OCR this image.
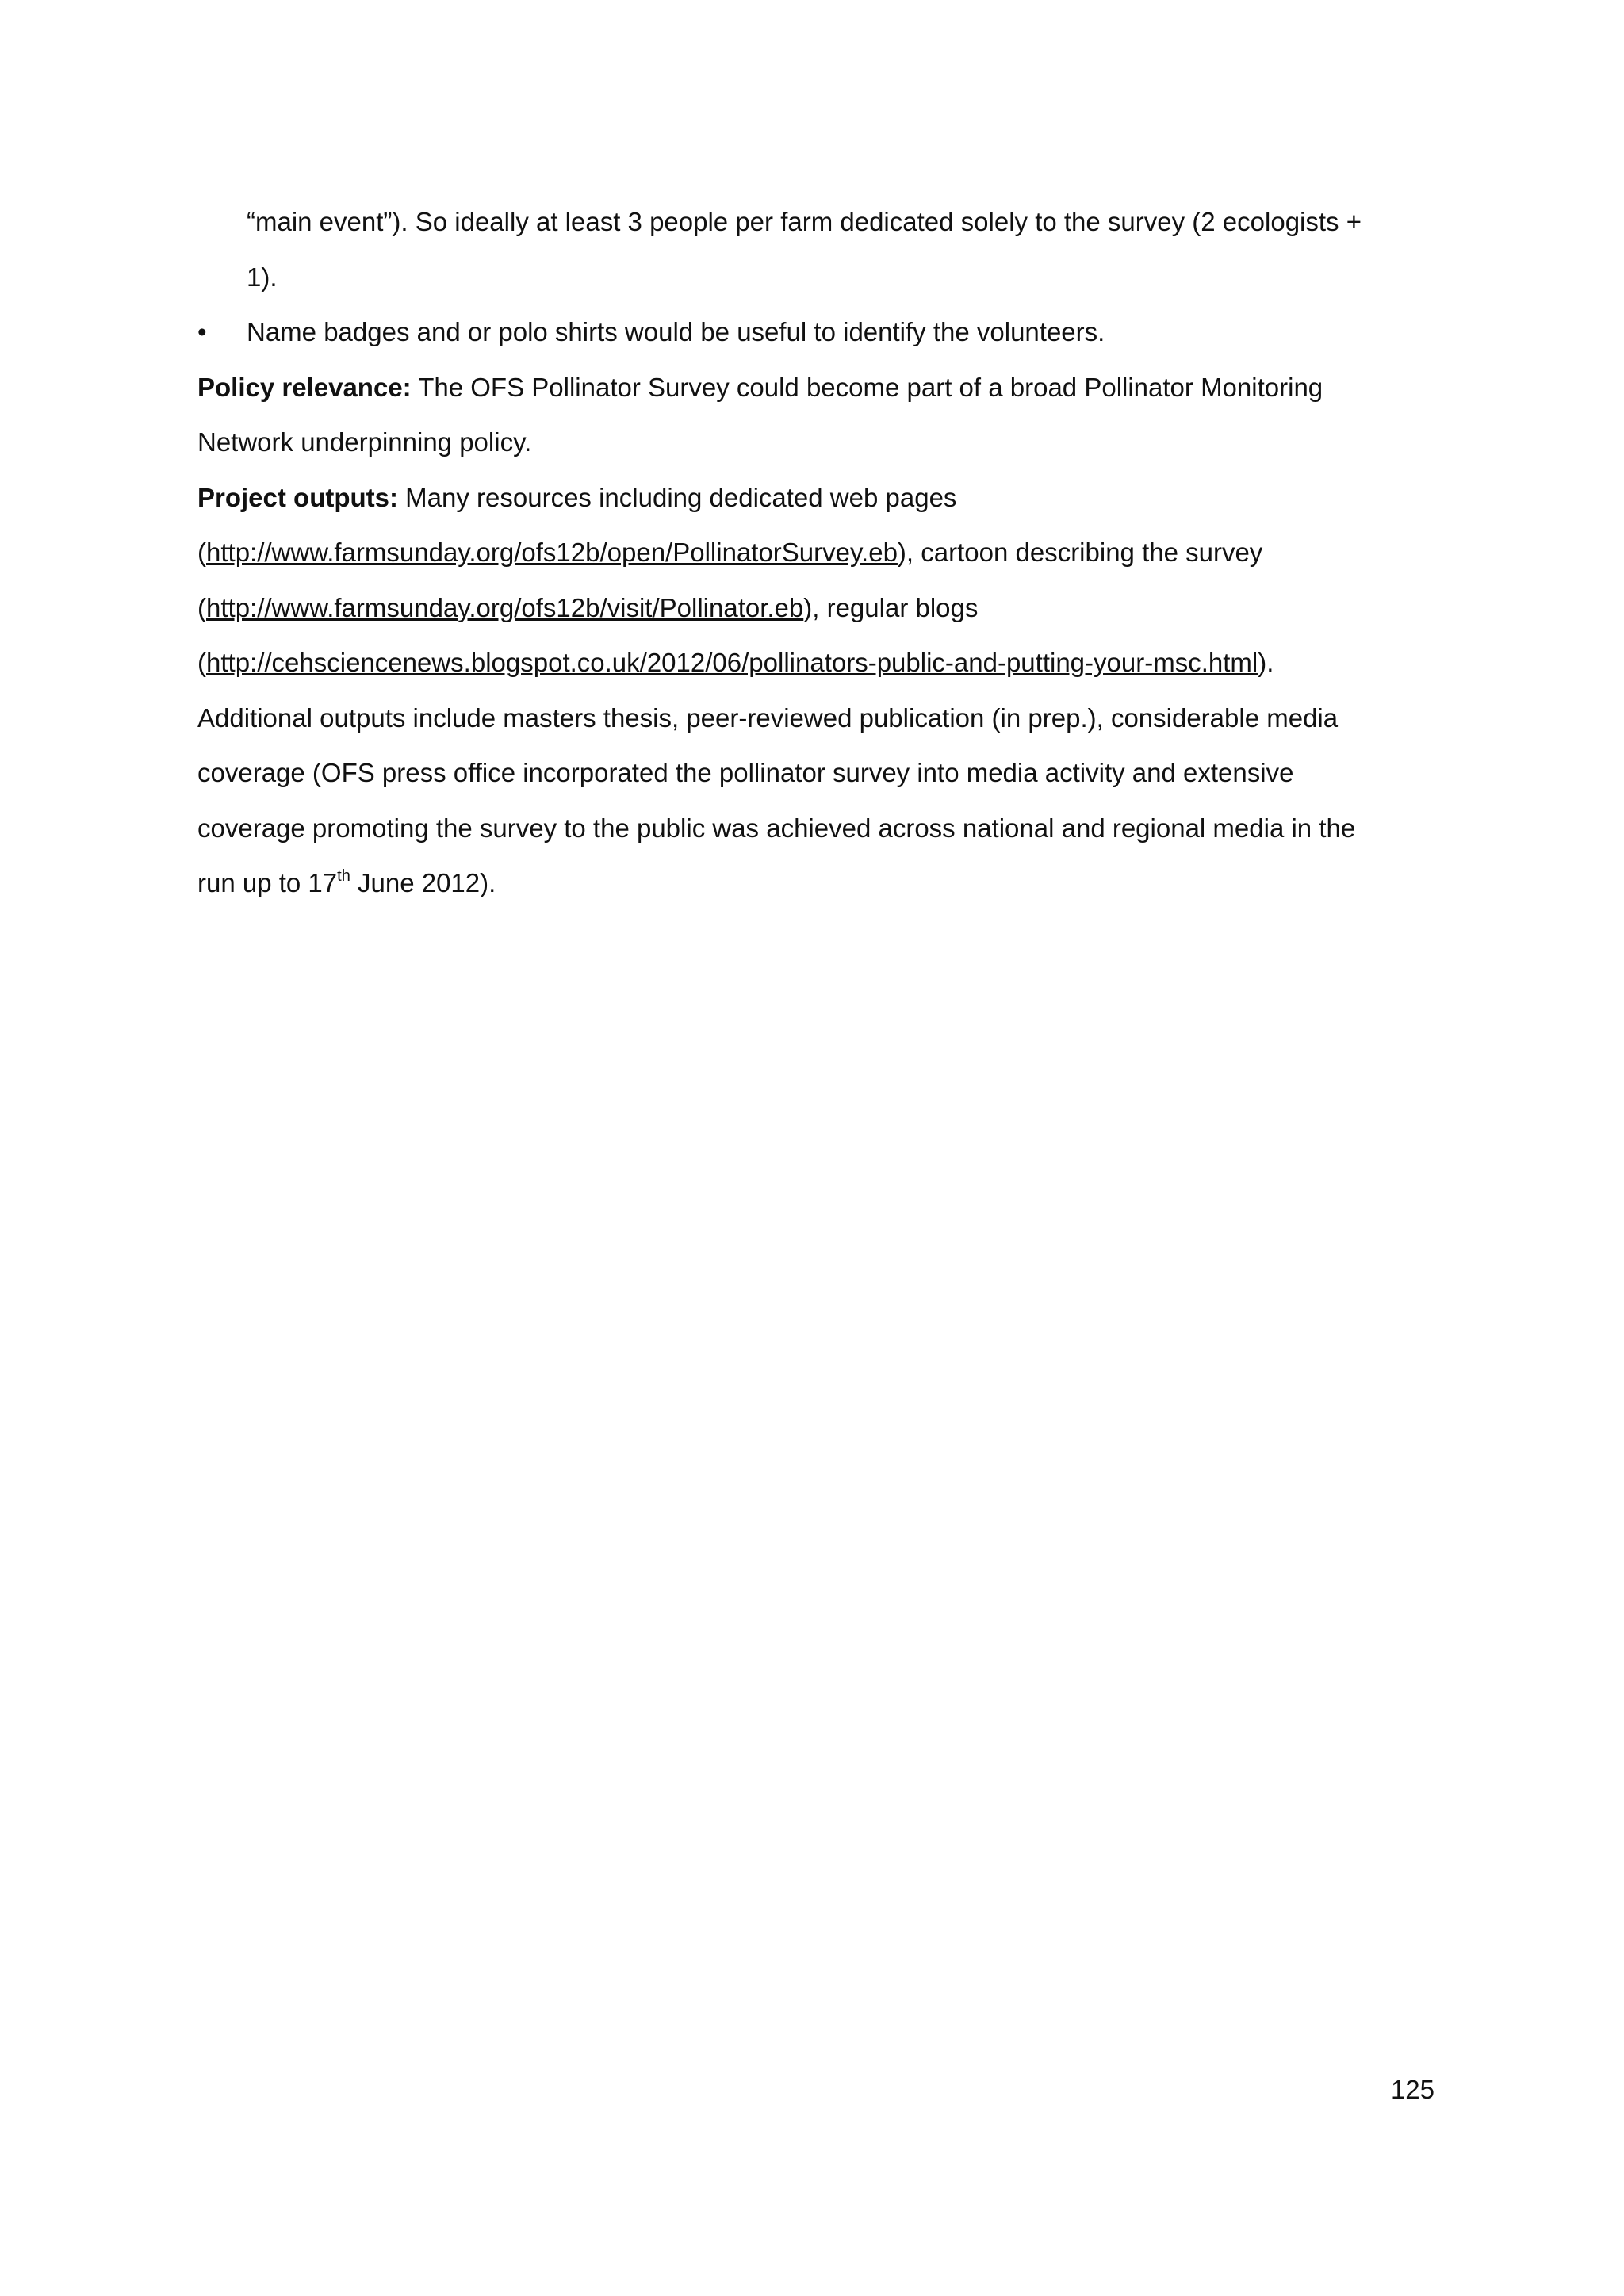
“main event”). So ideally at least 3 people per farm dedicated solely to the survey (2 ecologists +
1).
•	Name badges and or polo shirts would be useful to identify the volunteers.
Policy relevance: The OFS Pollinator Survey could become part of a broad Pollinator Monitoring
Network underpinning policy.
Project outputs: Many resources including dedicated web pages
(http://www.farmsunday.org/ofs12b/open/PollinatorSurvey.eb), cartoon describing the survey
(http://www.farmsunday.org/ofs12b/visit/Pollinator.eb), regular blogs
(http://cehsciencenews.blogspot.co.uk/2012/06/pollinators-public-and-putting-your-msc.html).
Additional outputs include masters thesis, peer-reviewed publication (in prep.), considerable media
coverage (OFS press office incorporated the pollinator survey into media activity and extensive
coverage promoting the survey to the public was achieved across national and regional media in the
run up to 17th June 2012).
125
